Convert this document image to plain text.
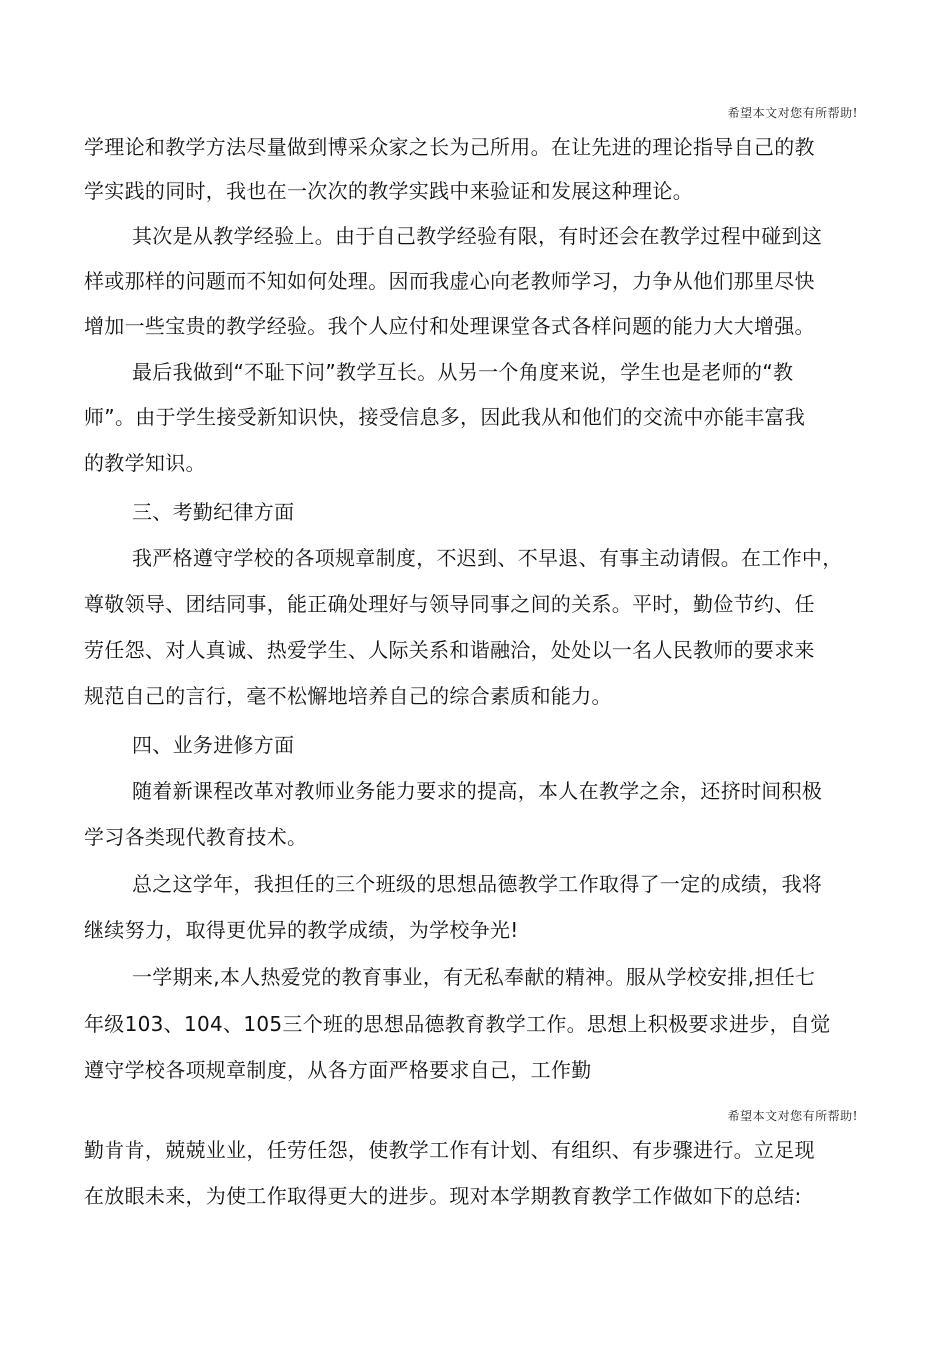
希望本文对您有所帮助!
学理论和教学方法尽量做到博采众家之长为己所用。在让先进的理论指导自己的教
学实践的同时，我也在一次次的教学实践中来验证和发展这种理论。
其次是从教学经验上。由于自己教学经验有限，有时还会在教学过程中碰到这
样或那样的问题而不知如何处理。因而我虚心向老教师学习，力争从他们那里尽快
增加一些宝贵的教学经验。我个人应付和处理课堂各式各样问题的能力大大增强。
最后我做到“不耻下问”教学互长。从另一个角度来说，学生也是老师的“教
师”。由于学生接受新知识快，接受信息多，因此我从和他们的交流中亦能丰富我
的教学知识。
三、考勤纪律方面
我严格遵守学校的各项规章制度，不迟到、不早退、有事主动请假。在工作中，
尊敬领导、团结同事，能正确处理好与领导同事之间的关系。平时，勤俭节约、任
劳任怨、对人真诚、热爱学生、人际关系和谐融洽，处处以一名人民教师的要求来
规范自己的言行，毫不松懈地培养自己的综合素质和能力。
四、业务进修方面
随着新课程改革对教师业务能力要求的提高，本人在教学之余，还挤时间积极
学习各类现代教育技术。
总之这学年，我担任的三个班级的思想品德教学工作取得了一定的成绩，我将
继续努力，取得更优异的教学成绩，为学校争光!
一学期来,本人热爱党的教育事业，有无私奉献的精神。服从学校安排,担任七
年级103、104、105三个班的思想品德教育教学工作。思想上积极要求进步，自觉
遵守学校各项规章制度，从各方面严格要求自己，工作勤
希望本文对您有所帮助!
勤肯肯，兢兢业业，任劳任怨，使教学工作有计划、有组织、有步骤进行。立足现
在放眼未来，为使工作取得更大的进步。现对本学期教育教学工作做如下的总结:
